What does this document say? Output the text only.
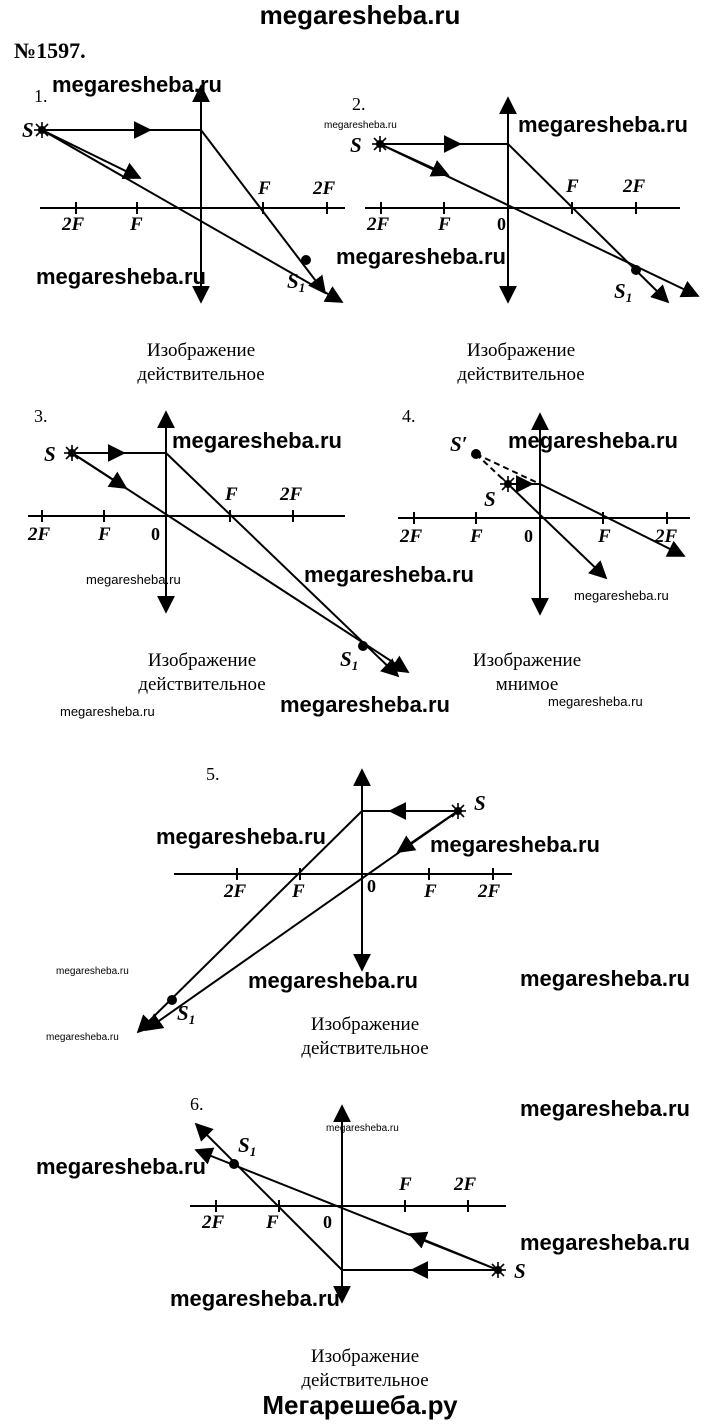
megaresheba.ru
№1597.
1.
2F F
F 2F
S
S1
Изображение
действительное
2.
2F	F	0
F 2F
S
S1
Изображение
действительное
3.
2F	F 0
F 2F
S
S1
Изображение
действительное
4.
2F	F 0	F 2F
S
S′
Изображение
мнимое
5.
2F F	0	F 2F
S
S1	Изображение
действительное
6.
2F F 0
F 2F
S
S1
Изображение
действительное
megaresheba.ru
megaresheba.ru	megaresheba.ru
megaresheba.ru
megaresheba.ru
megaresheba.ru	megaresheba.ru
megaresheba.ru	megaresheba.ru
megaresheba.ru
megaresheba.ru
megaresheba.ru
megaresheba.ru
megaresheba.ru	megaresheba.ru
megaresheba.ru	megaresheba.ru	megaresheba.ru
megaresheba.ru
megaresheba.ru
megaresheba.ru
megaresheba.ru
megaresheba.ru
megaresheba.ru
Мегарешеба.ру
